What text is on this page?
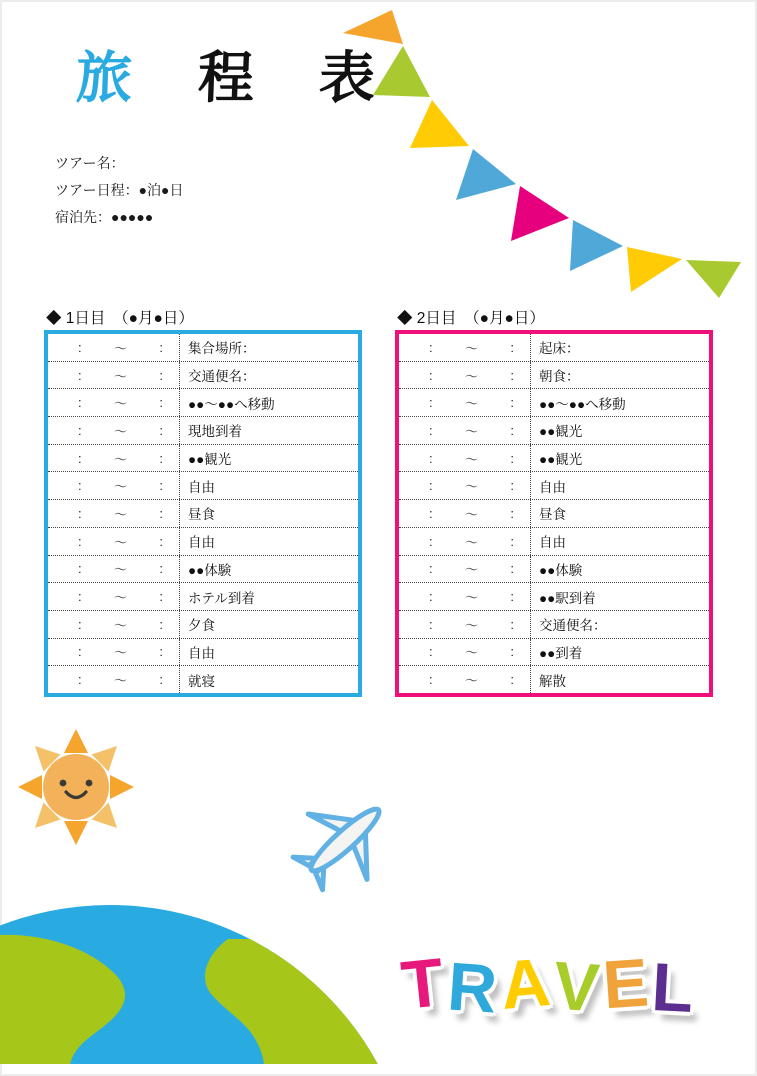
旅 程 表
ツアー名：
ツアー日程：●泊●日
宿泊先：●●●●●
◆ 1日目　（●月●日）
: ～ : 集合場所：
: ～ : 交通便名：
: ～ : ●●～●●へ移動
: ～ : 現地到着
: ～ : ●●観光
: ～ : 自由
: ～ : 昼食
: ～ : 自由
: ～ : ●●体験
: ～ : ホテル到着
: ～ : 夕食
: ～ : 自由
: ～ : 就寝
◆ 2日目　（●月●日）
: ～ : 起床：
: ～ : 朝食：
: ～ : ●●～●●へ移動
: ～ : ●●観光
: ～ : ●●観光
: ～ : 自由
: ～ : 昼食
: ～ : 自由
: ～ : ●●体験
: ～ : ●●駅到着
: ～ : 交通便名：
: ～ : ●●到着
: ～ : 解散
T
R
A
V
E L
